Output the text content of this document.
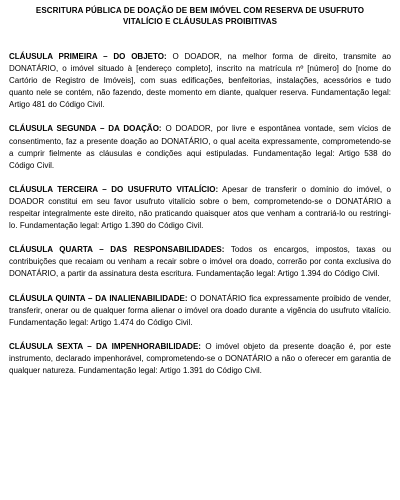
ESCRITURA PÚBLICA DE DOAÇÃO DE BEM IMÓVEL COM RESERVA DE USUFRUTO
VITALÍCIO E CLÁUSULAS PROIBITIVAS

CLÁUSULA PRIMEIRA – DO OBJETO: O DOADOR, na melhor forma de direito, transmite ao DONATÁRIO, o imóvel situado à [endereço completo], inscrito na matrícula nº [número] do [nome do Cartório de Registro de Imóveis], com suas edificações, benfeitorias, instalações, acessórios e tudo quanto nele se contém, não fazendo, deste momento em diante, qualquer reserva. Fundamentação legal: Artigo 481 do Código Civil.

CLÁUSULA SEGUNDA – DA DOAÇÃO: O DOADOR, por livre e espontânea vontade, sem vícios de consentimento, faz a presente doação ao DONATÁRIO, o qual aceita expressamente, comprometendo-se a cumprir fielmente as cláusulas e condições aqui estipuladas. Fundamentação legal: Artigo 538 do Código Civil.

CLÁUSULA TERCEIRA – DO USUFRUTO VITALÍCIO: Apesar de transferir o domínio do imóvel, o DOADOR constitui em seu favor usufruto vitalício sobre o bem, comprometendo-se o DONATÁRIO a respeitar integralmente este direito, não praticando quaisquer atos que venham a contrariá-lo ou restringi-lo. Fundamentação legal: Artigo 1.390 do Código Civil.

CLÁUSULA QUARTA – DAS RESPONSABILIDADES: Todos os encargos, impostos, taxas ou contribuições que recaiam ou venham a recair sobre o imóvel ora doado, correrão por conta exclusiva do DONATÁRIO, a partir da assinatura desta escritura. Fundamentação legal: Artigo 1.394 do Código Civil.

CLÁUSULA QUINTA – DA INALIENABILIDADE: O DONATÁRIO fica expressamente proibido de vender, transferir, onerar ou de qualquer forma alienar o imóvel ora doado durante a vigência do usufruto vitalício. Fundamentação legal: Artigo 1.474 do Código Civil.

CLÁUSULA SEXTA – DA IMPENHORABILIDADE: O imóvel objeto da presente doação é, por este instrumento, declarado impenhorável, comprometendo-se o DONATÁRIO a não o oferecer em garantia de qualquer natureza. Fundamentação legal: Artigo 1.391 do Código Civil.
